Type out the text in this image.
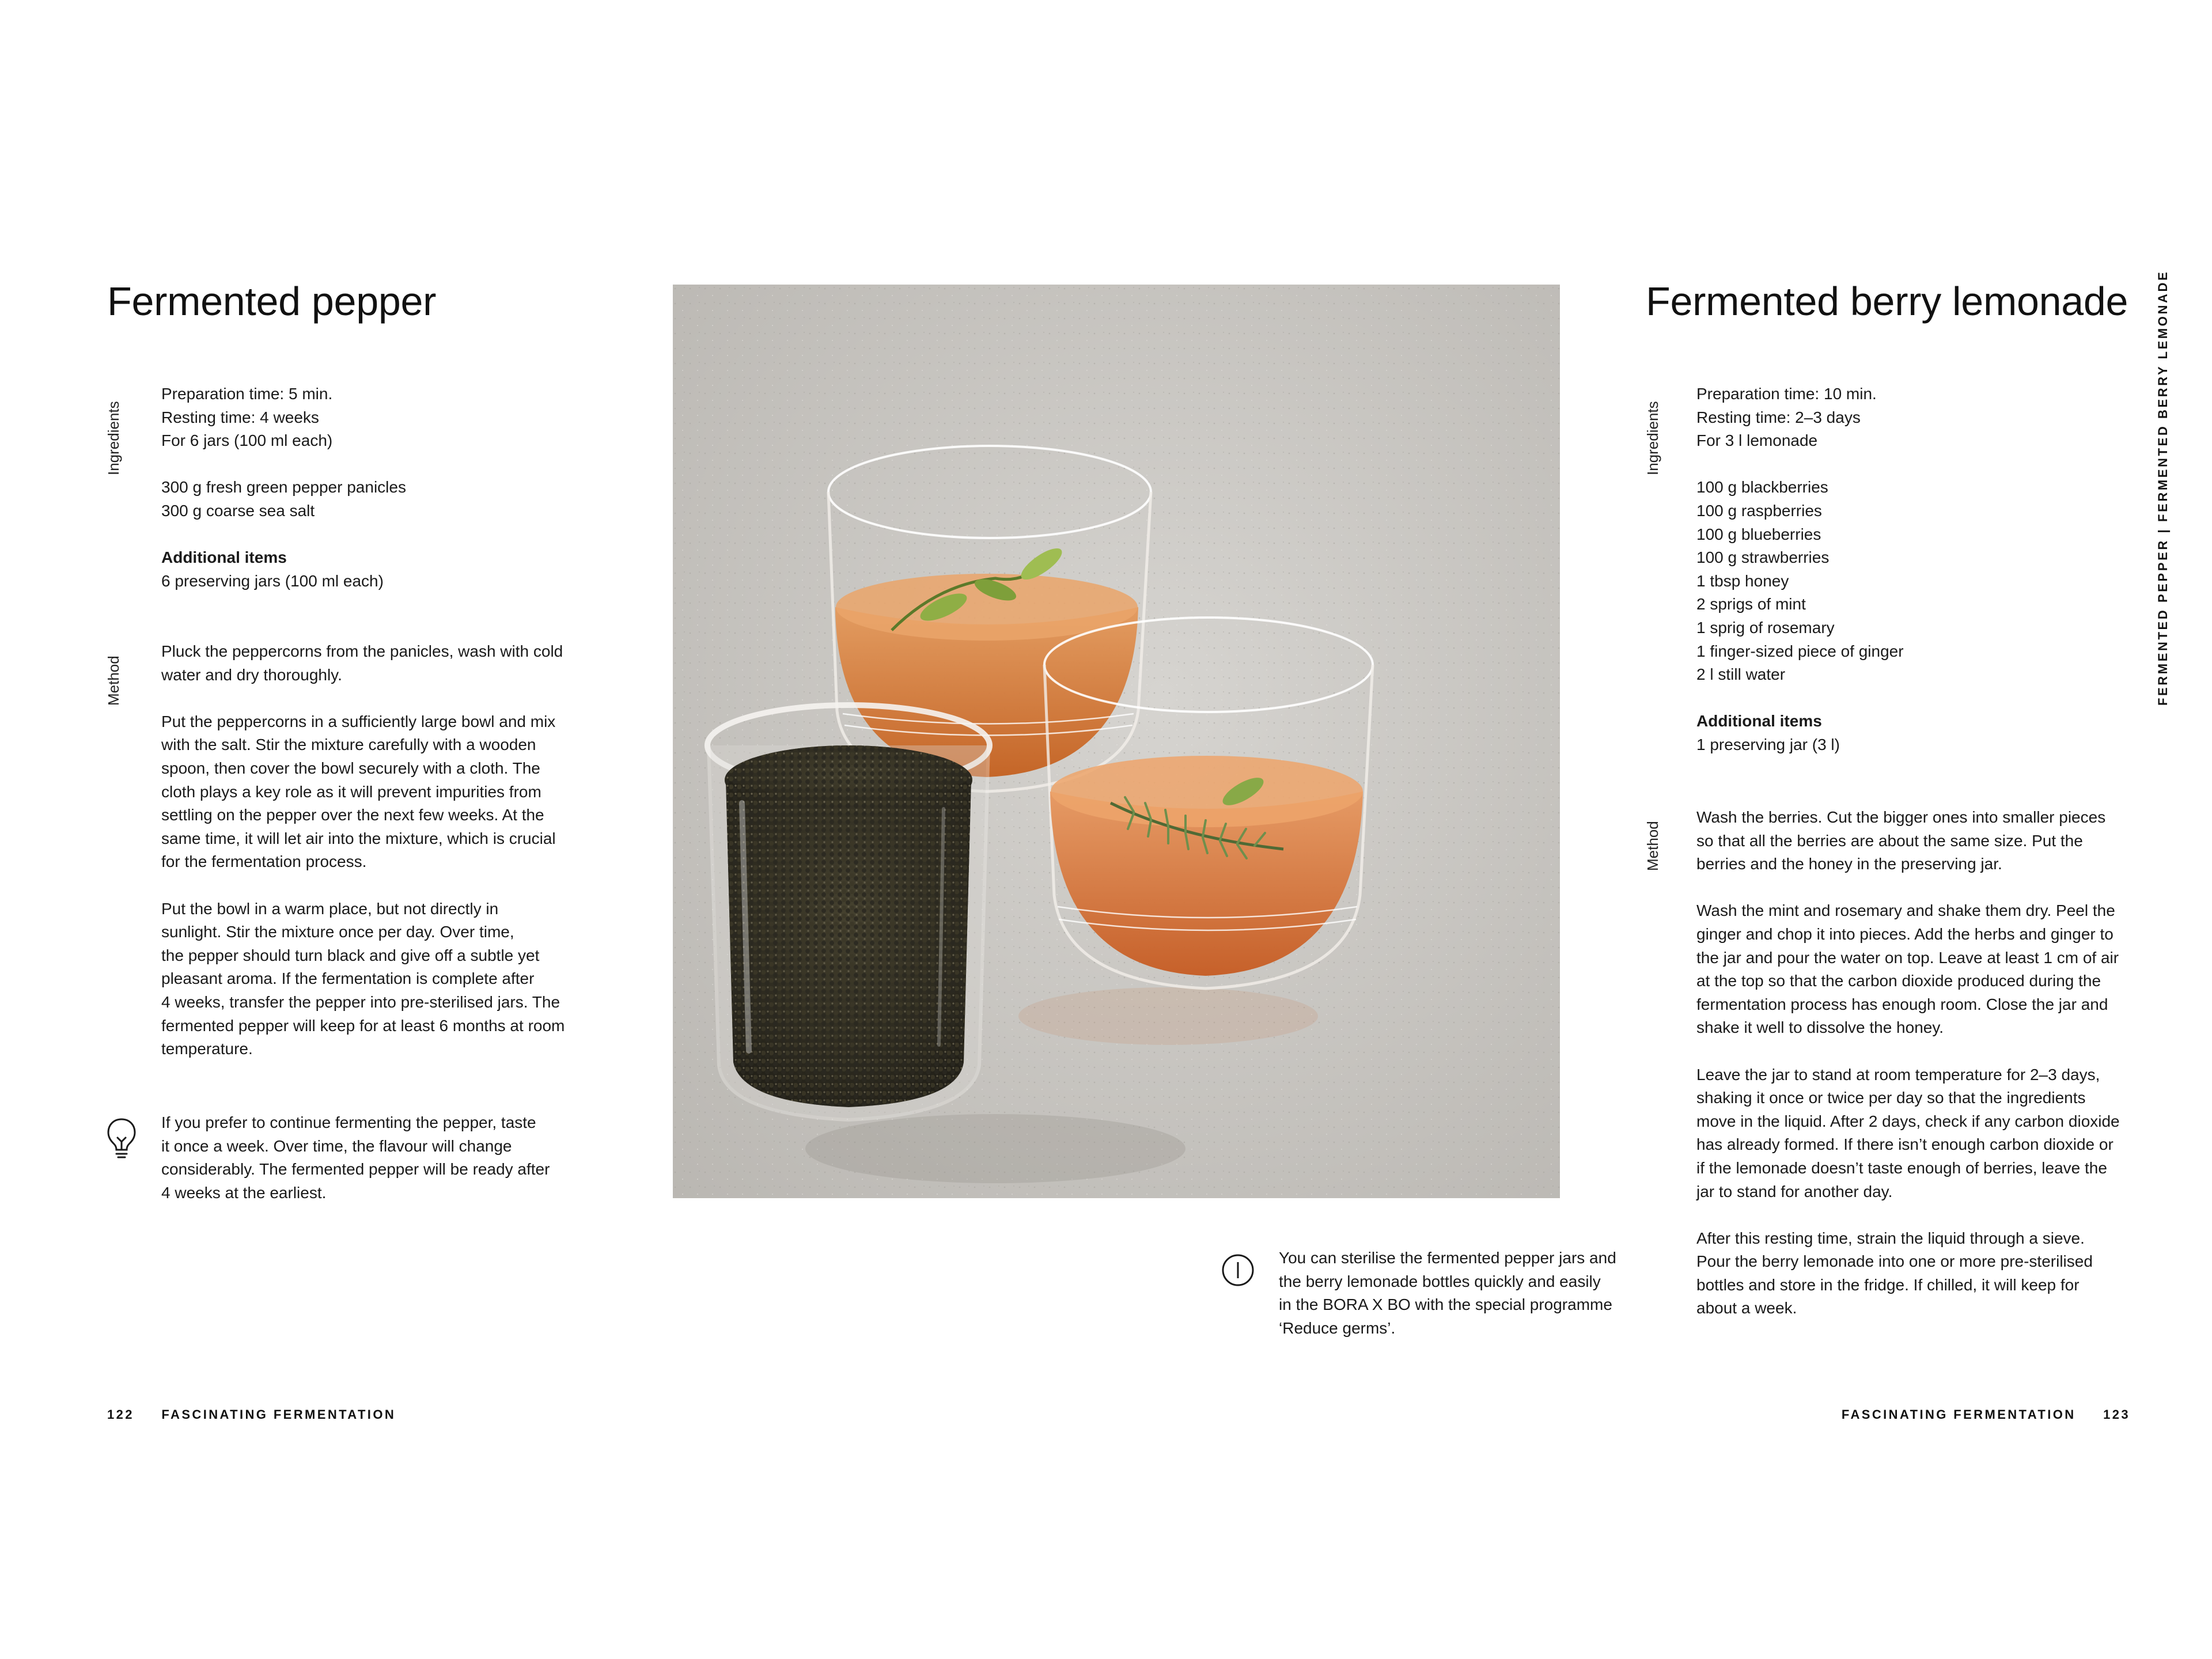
Fermented pepper
Ingredients

Preparation time: 5 min.
Resting time: 4 weeks
For 6 jars (100 ml each)

300 g fresh green pepper panicles
300 g coarse sea salt

Additional items
6 preserving jars (100 ml each)

Method

Pluck the peppercorns from the panicles, wash with cold
water and dry thoroughly.

Put the peppercorns in a sufficiently large bowl and mix
with the salt. Stir the mixture carefully with a wooden
spoon, then cover the bowl securely with a cloth. The
cloth plays a key role as it will prevent impurities from
settling on the pepper over the next few weeks. At the
same time, it will let air into the mixture, which is crucial
for the fermentation process.

Put the bowl in a warm place, but not directly in
sunlight. Stir the mixture once per day. Over time,
the pepper should turn black and give off a subtle yet
pleasant aroma. If the fermentation is complete after
4 weeks, transfer the pepper into pre-sterilised jars. The
fermented pepper will keep for at least 6 months at room
temperature.

If you prefer to continue fermenting the pepper, taste
it once a week. Over time, the flavour will change
considerably. The fermented pepper will be ready after
4 weeks at the earliest.

You can sterilise the fermented pepper jars and
the berry lemonade bottles quickly and easily
in the BORA X BO with the special programme
‘Reduce germs’.

Fermented berry lemonade
Ingredients

Preparation time: 10 min.
Resting time: 2–3 days
For 3 l lemonade

100 g blackberries
100 g raspberries
100 g blueberries
100 g strawberries
1 tbsp honey
2 sprigs of mint
1 sprig of rosemary
1 finger-sized piece of ginger
2 l still water

Additional items
1 preserving jar (3 l)

Method

Wash the berries. Cut the bigger ones into smaller pieces
so that all the berries are about the same size. Put the
berries and the honey in the preserving jar.

Wash the mint and rosemary and shake them dry. Peel the
ginger and chop it into pieces. Add the herbs and ginger to
the jar and pour the water on top. Leave at least 1 cm of air
at the top so that the carbon dioxide produced during the
fermentation process has enough room. Close the jar and
shake it well to dissolve the honey.

Leave the jar to stand at room temperature for 2–3 days,
shaking it once or twice per day so that the ingredients
move in the liquid. After 2 days, check if any carbon dioxide
has already formed. If there isn’t enough carbon dioxide or
if the lemonade doesn’t taste enough of berries, leave the
jar to stand for another day.

After this resting time, strain the liquid through a sieve.
Pour the berry lemonade into one or more pre-sterilised
bottles and store in the fridge. If chilled, it will keep for
about a week.

FERMENTED PEPPER | FERMENTED BERRY LEMONADE
122 FASCINATING FERMENTATION	FASCINATING FERMENTATION 123
